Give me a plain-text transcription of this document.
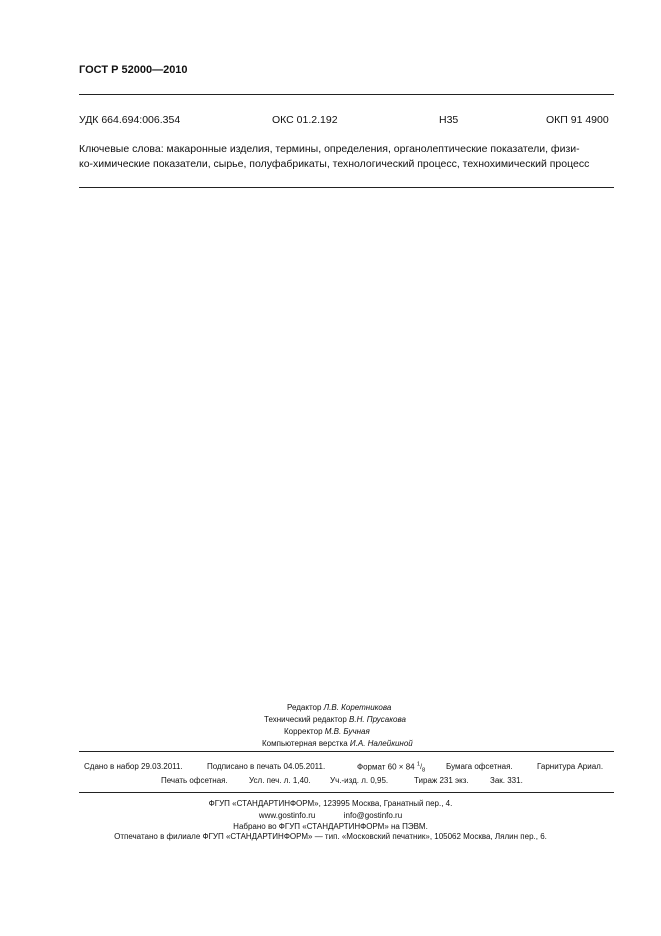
ГОСТ Р 52000—2010
УДК 664.694:006.354	ОКС 01.2.192	Н35	ОКП 91 4900
Ключевые слова: макаронные изделия, термины, определения, органолептические показатели, физи-
ко-химические показатели, сырье, полуфабрикаты, технологический процесс, технохимический процесс
Редактор Л.В. Коретникова
Технический редактор В.Н. Прусакова
Корректор М.В. Бучная
Компьютерная верстка И.А. Налейкиной
Сдано в набор 29.03.2011.	Подписано в печать 04.05.2011.	Формат 60 × 84 $^1/_8$	Бумага офсетная.	Гарнитура Ариал.
Печать офсетная.	Усл. печ. л. 1,40. Уч.-изд. л. 0,95.	Тираж 231 экз.	Зак. 331.
ФГУП «СТАНДАРТИНФОРМ», 123995 Москва, Гранатный пер., 4.
www.gostinfo.ru	info@gostinfo.ru
Набрано во ФГУП «СТАНДАРТИНФОРМ» на ПЭВМ.
Отпечатано в филиале ФГУП «СТАНДАРТИНФОРМ» — тип. «Московский печатник», 105062 Москва, Лялин пер., 6.
